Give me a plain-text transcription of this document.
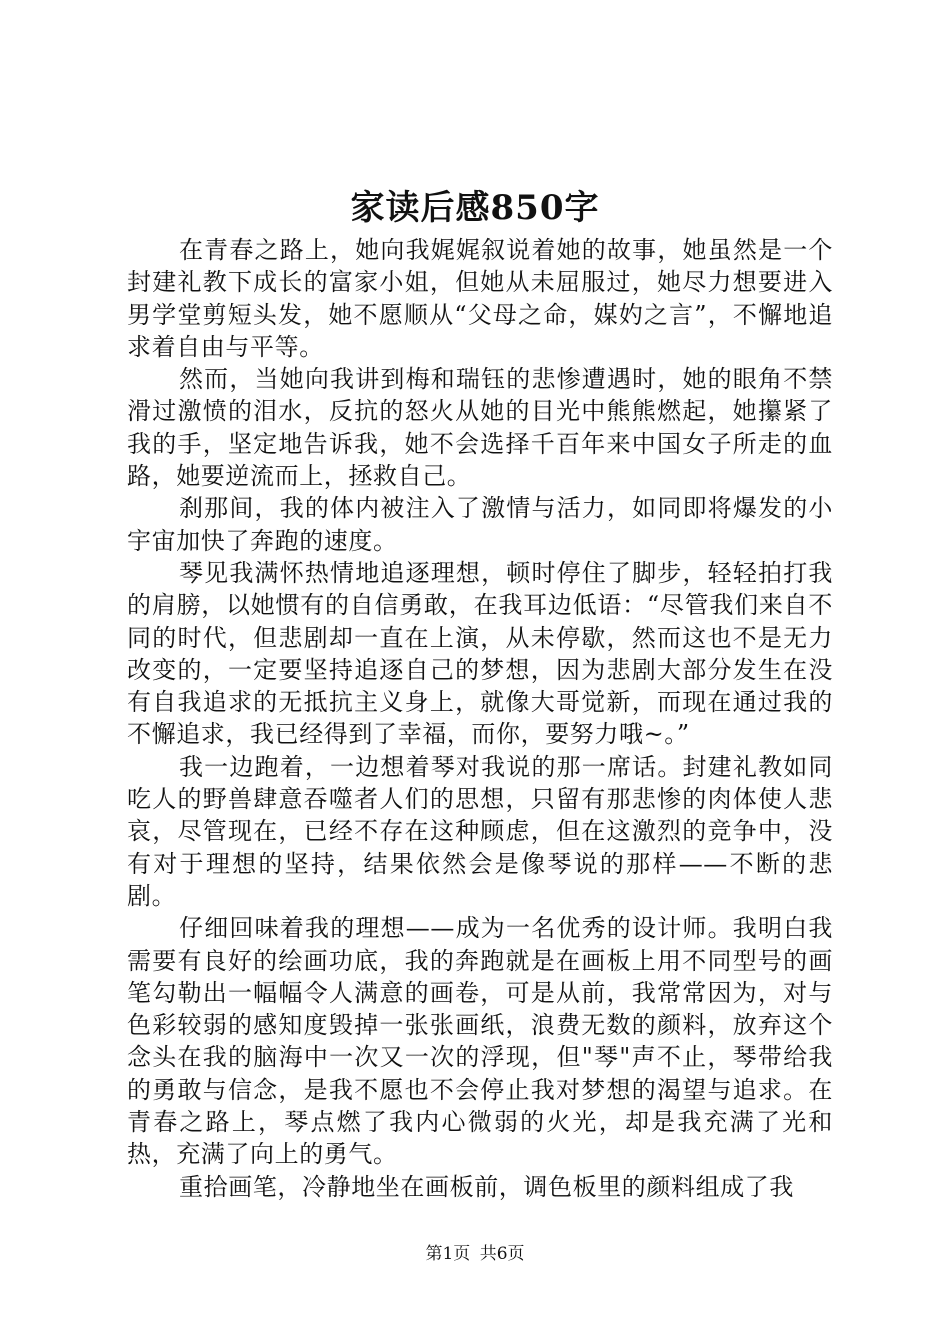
家读后感850字

在青春之路上，她向我娓娓叙说着她的故事，她虽然是一个封建礼教下成长的富家小姐，但她从未屈服过，她尽力想要进入男学堂剪短头发，她不愿顺从“父母之命，媒妁之言”，不懈地追求着自由与平等。

然而，当她向我讲到梅和瑞钰的悲惨遭遇时，她的眼角不禁滑过激愤的泪水，反抗的怒火从她的目光中熊熊燃起，她攥紧了我的手，坚定地告诉我，她不会选择千百年来中国女子所走的血路，她要逆流而上，拯救自己。

刹那间，我的体内被注入了激情与活力，如同即将爆发的小宇宙加快了奔跑的速度。

琴见我满怀热情地追逐理想，顿时停住了脚步，轻轻拍打我的肩膀，以她惯有的自信勇敢，在我耳边低语：“尽管我们来自不同的时代，但悲剧却一直在上演，从未停歇，然而这也不是无力改变的，一定要坚持追逐自己的梦想，因为悲剧大部分发生在没有自我追求的无抵抗主义身上，就像大哥觉新，而现在通过我的不懈追求，我已经得到了幸福，而你，要努力哦~。”

我一边跑着，一边想着琴对我说的那一席话。封建礼教如同吃人的野兽肆意吞噬者人们的思想，只留有那悲惨的肉体使人悲哀，尽管现在，已经不存在这种顾虑，但在这激烈的竞争中，没有对于理想的坚持，结果依然会是像琴说的那样——不断的悲剧。

仔细回味着我的理想——成为一名优秀的设计师。我明白我需要有良好的绘画功底，我的奔跑就是在画板上用不同型号的画笔勾勒出一幅幅令人满意的画卷，可是从前，我常常因为，对与色彩较弱的感知度毁掉一张张画纸，浪费无数的颜料，放弃这个念头在我的脑海中一次又一次的浮现，但"琴"声不止，琴带给我的勇敢与信念，是我不愿也不会停止我对梦想的渴望与追求。在青春之路上，琴点燃了我内心微弱的火光，却是我充满了光和热，充满了向上的勇气。

重拾画笔，冷静地坐在画板前，调色板里的颜料组成了我

第1页 共6页
